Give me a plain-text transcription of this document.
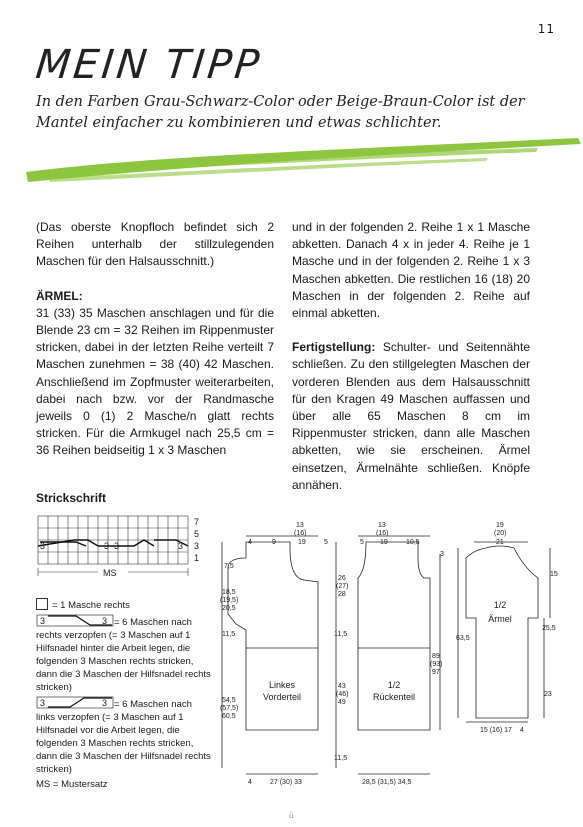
11
MEIN TIPP
In den Farben Grau-Schwarz-Color oder Beige-Braun-Color ist der Mantel einfacher zu kombinieren und etwas schlichter.

(Das oberste Knopfloch befindet sich 2 Reihen unterhalb der stillzulegenden Maschen für den Halsausschnitt.)

ÄRMEL:

31 (33) 35 Maschen anschlagen und für die Blende 23 cm = 32 Reihen im Rippenmuster stricken, dabei in der letzten Reihe verteilt 7 Maschen zunehmen = 38 (40) 42 Maschen. Anschließend im Zopfmuster weiterarbeiten, dabei nach bzw. vor der Randmasche jeweils 0 (1) 2 Masche/n glatt rechts stricken. Für die Armkugel nach 25,5 cm = 36 Reihen beidseitig 1 x 3 Maschen

und in der folgenden 2. Reihe 1 x 1 Masche abketten. Danach 4 x in jeder 4. Reihe je 1 Masche und in der folgenden 2. Reihe 1 x 3 Maschen abketten. Die restlichen 16 (18) 20 Maschen in der folgenden 2. Reihe auf einmal abketten.

Fertigstellung: Schulter- und Seitennähte schließen. Zu den stillgelegten Maschen der vorderen Blenden aus dem Halsausschnitt für den Kragen 49 Maschen auffassen und über alle 65 Maschen 8 cm im Rippenmuster stricken, dann alle Maschen abketten, wie sie erscheinen. Ärmel einsetzen, Ärmelnähte schließen. Knöpfe annähen.

Strickschrift
3	3 3	3
7
5
3
1
MS
= 1 Masche rechts
3	3 = 6 Maschen nach
rechts verzopfen (= 3 Maschen auf 1 Hilfsnadel hinter die Arbeit legen, die folgenden 3 Maschen rechts stricken, dann die 3 Maschen der Hilfsnadel rechts stricken)
3	3 = 6 Maschen nach
links verzopfen (= 3 Maschen auf 1 Hilfsnadel vor die Arbeit legen, die folgenden 3 Maschen rechts stricken, dann die 3 Maschen der Hilfsnadel rechts stricken)
MS = Mustersatz
13
(16)
19
4	9	5	5
13
(16)
19	10,5
3
7,5
18,5
(19,5)
20,5
11,5
26
(27)
28
11,5
54,5
(57,5)
60,5
43
(46)
49
11,5
89
(93)
97
Linkes
Vorderteil
1/2
Rückenteil
4	27 (30) 33	28,5 (31,5) 34,5
19
(20)
21
15
25,5
63,5
23
1/2
Ärmel
15 (16) 17 4
ü
